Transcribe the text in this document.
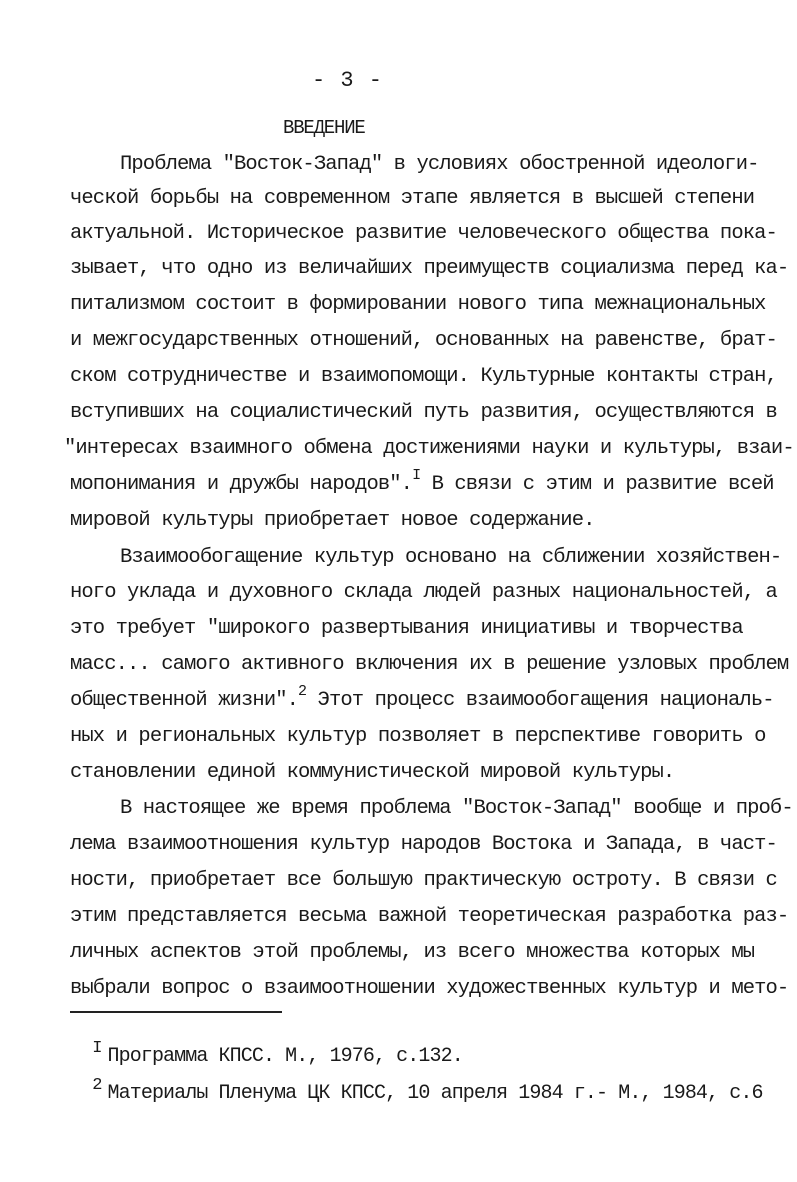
- 3 -
ВВЕДЕНИЕ
Проблема "Восток-Запад" в условиях обостренной идеологи-
ческой борьбы на современном этапе является в высшей степени
актуальной. Историческое развитие человеческого общества пока-
зывает, что одно из величайших преимуществ социализма перед ка-
питализмом состоит в формировании нового типа межнациональных
и межгосударственных отношений, основанных на равенстве, брат-
ском сотрудничестве и взаимопомощи. Культурные контакты стран,
вступивших на социалистический путь развития, осуществляются в
"интересах взаимного обмена достижениями науки и культуры, взаи-
мопонимания и дружбы народов".$^I$ В связи с этим и развитие всей
мировой культуры приобретает новое содержание.
Взаимообогащение культур основано на сближении хозяйствен-
ного уклада и духовного склада людей разных национальностей, а
это требует "широкого развертывания инициативы и творчества
масс... самого активного включения их в решение узловых проблем
общественной жизни".$^2$ Этот процесс взаимообогащения националь-
ных и региональных культур позволяет в перспективе говорить о
становлении единой коммунистической мировой культуры.
В настоящее же время проблема "Восток-Запад" вообще и проб-
лема взаимоотношения культур народов Востока и Запада, в част-
ности, приобретает все большую практическую остроту. В связи с
этим представляется весьма важной теоретическая разработка раз-
личных аспектов этой проблемы, из всего множества которых мы
выбрали вопрос о взаимоотношении художественных культур и мето-

$^I$ Программа КПСС. М., 1976, с.132.

$^2$ Материалы Пленума ЦК КПСС, 10 апреля 1984 г.- М., 1984, с.6
